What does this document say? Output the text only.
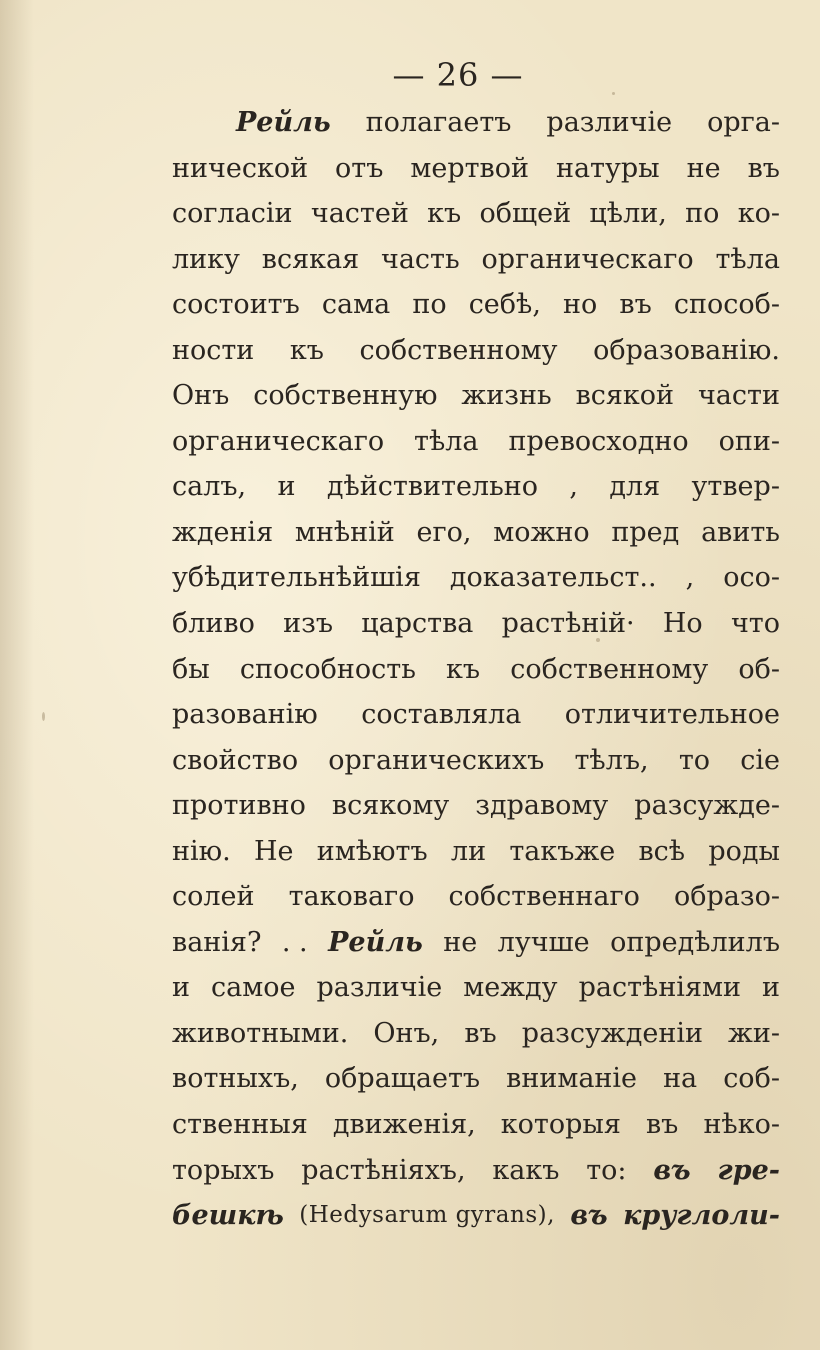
— 26 —
Рейль полагаетъ различіе орга-
нической отъ мертвой натуры не въ
согласіи частей къ общей цѣли, по ко-
лику всякая часть органическаго тѣла
состоитъ сама по себѣ, но въ способ-
ности къ собственному образованію.
Онъ собственную жизнь всякой части
органическаго тѣла превосходно опи-
салъ, и дѣйствительно , для утвер-
жденія мнѣній его, можно пред авить
убѣдительнѣйшія доказательст.. , осо-
бливо изъ царства растѣній· Но что
бы способность къ собственному об-
разованію составляла отличительное
свойство органическихъ тѣлъ, то сіе
противно всякому здравому разсужде-
нію. Не имѣютъ ли такъже всѣ роды
солей таковаго собственнаго образо-
ванія? . . Рейль не лучше опредѣлилъ
и самое различіе между растѣніями и
животными. Онъ, въ разсужденіи жи-
вотныхъ, обращаетъ вниманіе на соб-
ственныя движенія, которыя въ нѣко-
торыхъ растѣніяхъ, какъ то: въ гре-
бешкѣ (Hedysarum gyrans), въ круглоли-
